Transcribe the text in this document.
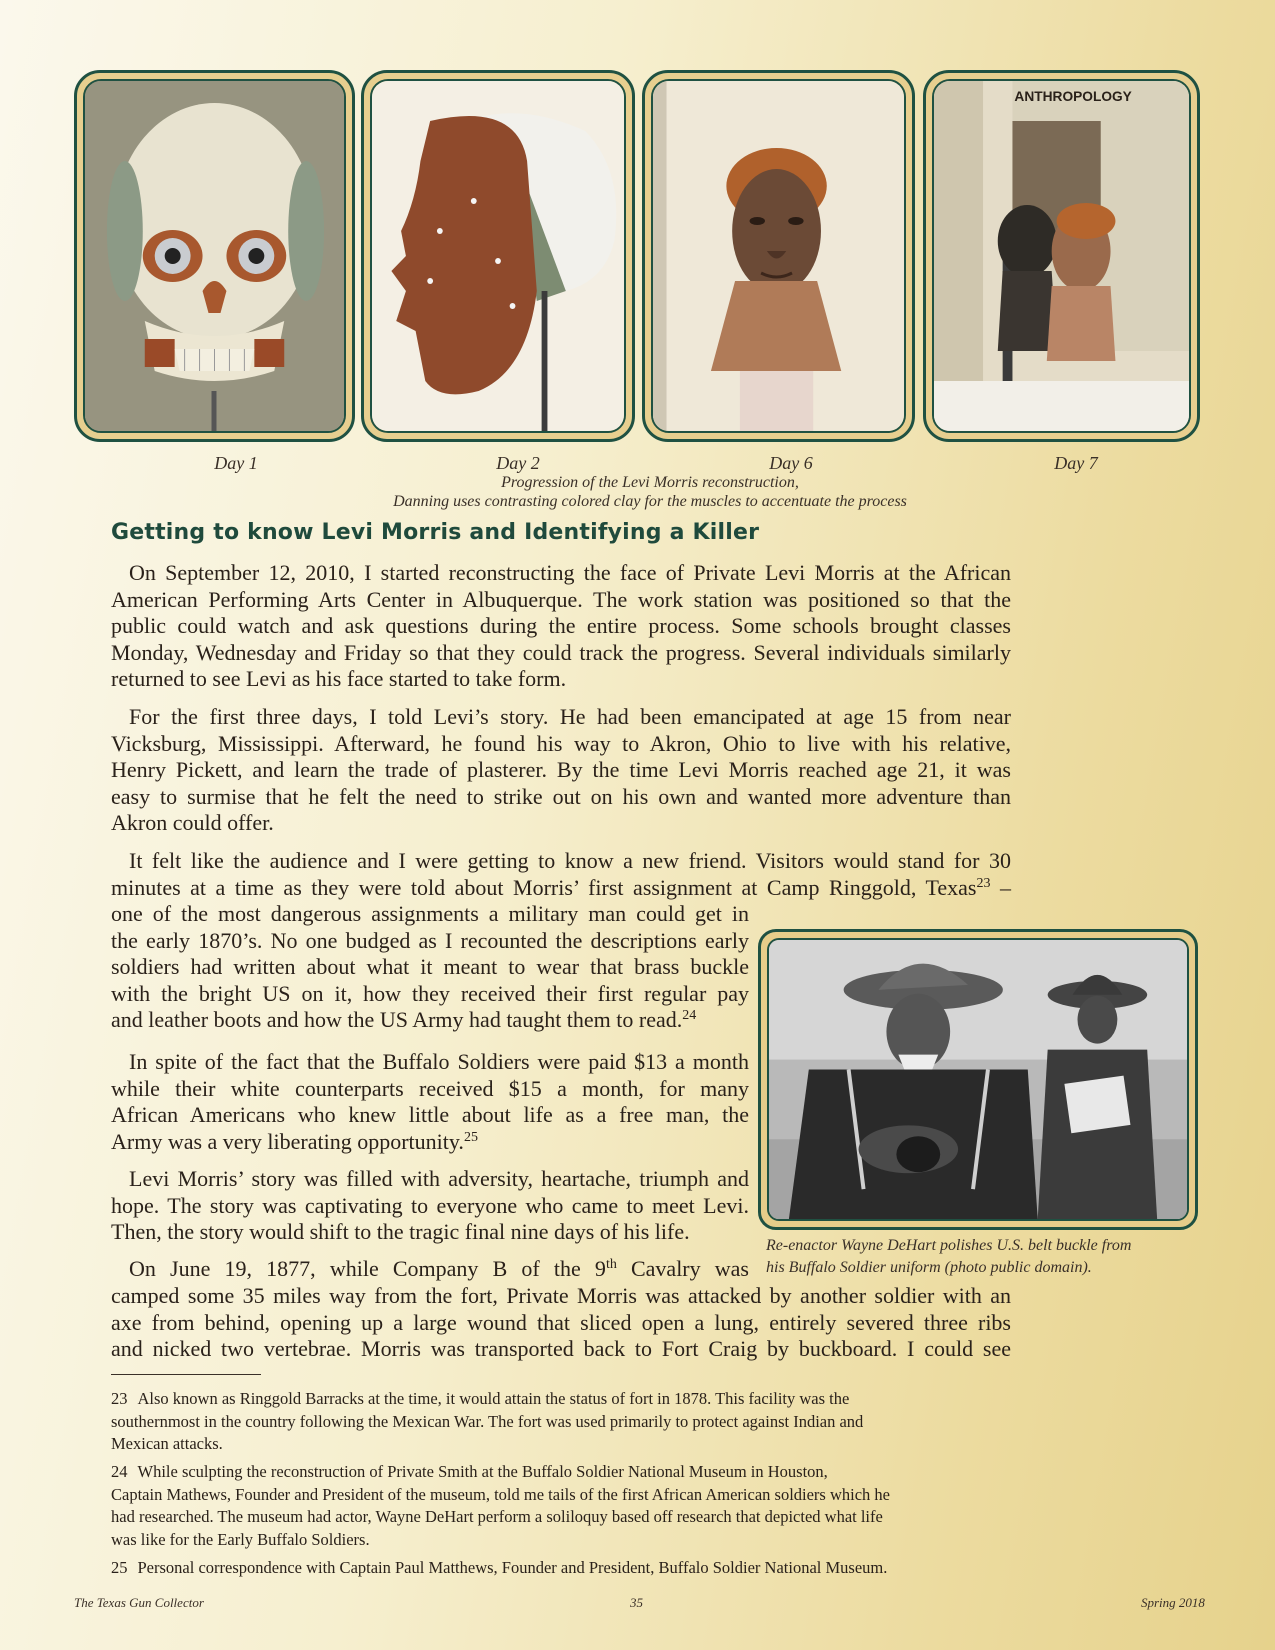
ANTHROPOLOGY
Day 1	Day 2	Day 6	Day 7
Progression of the Levi Morris reconstruction,
Danning uses contrasting colored clay for the muscles to accentuate the process
Getting to know Levi Morris and Identifying a Killer
On September 12, 2010, I started reconstructing the face of Private Levi Morris at the African
American Performing Arts Center in Albuquerque. The work station was positioned so that the
public could watch and ask questions during the entire process. Some schools brought classes
Monday, Wednesday and Friday so that they could track the progress. Several individuals similarly
returned to see Levi as his face started to take form.
For the first three days, I told Levi’s story. He had been emancipated at age 15 from near
Vicksburg, Mississippi. Afterward, he found his way to Akron, Ohio to live with his relative,
Henry Pickett, and learn the trade of plasterer. By the time Levi Morris reached age 21, it was
easy to surmise that he felt the need to strike out on his own and wanted more adventure than
Akron could offer.
It felt like the audience and I were getting to know a new friend. Visitors would stand for 30
minutes at a time as they were told about Morris’ first assignment at Camp Ringgold, Texas$^{23}$ –
one of the most dangerous assignments a military man could get in
the early 1870’s. No one budged as I recounted the descriptions early
soldiers had written about what it meant to wear that brass buckle
with the bright US on it, how they received their first regular pay
and leather boots and how the US Army had taught them to read.$^{24}$
In spite of the fact that the Buffalo Soldiers were paid $13 a month
while their white counterparts received $15 a month, for many
African Americans who knew little about life as a free man, the
Army was a very liberating opportunity.$^{25}$
Levi Morris’ story was filled with adversity, heartache, triumph and
hope. The story was captivating to everyone who came to meet Levi.
Then, the story would shift to the tragic final nine days of his life.
On June 19, 1877, while Company B of the 9th Cavalry was
camped some 35 miles way from the fort, Private Morris was attacked by another soldier with an
axe from behind, opening up a large wound that sliced open a lung, entirely severed three ribs
and nicked two vertebrae. Morris was transported back to Fort Craig by buckboard. I could see
Re-enactor Wayne DeHart polishes U.S. belt buckle from
his Buffalo Soldier uniform (photo public domain).
23 Also known as Ringgold Barracks at the time, it would attain the status of fort in 1878. This facility was the
southernmost in the country following the Mexican War. The fort was used primarily to protect against Indian and
Mexican attacks.
24 While sculpting the reconstruction of Private Smith at the Buffalo Soldier National Museum in Houston,
Captain Mathews, Founder and President of the museum, told me tails of the first African American soldiers which he
had researched. The museum had actor, Wayne DeHart perform a soliloquy based off research that depicted what life
was like for the Early Buffalo Soldiers.
25 Personal correspondence with Captain Paul Matthews, Founder and President, Buffalo Soldier National Museum.
The Texas Gun Collector	35	Spring 2018
